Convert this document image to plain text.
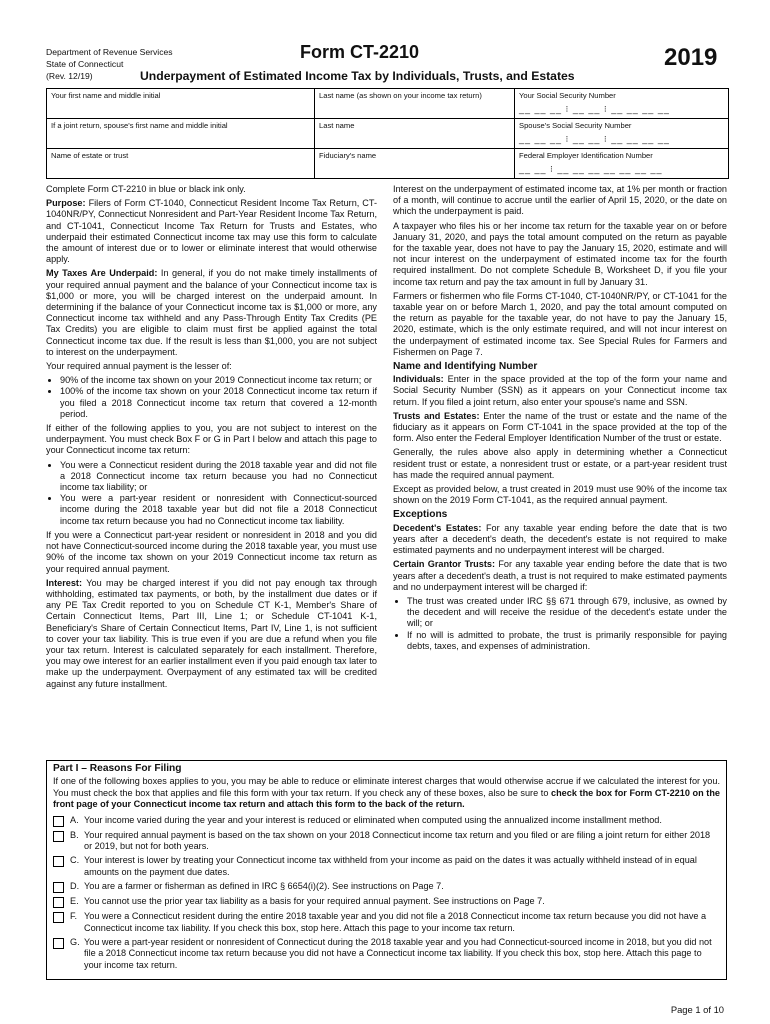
Department of Revenue Services
State of Connecticut
(Rev. 12/19)
Form CT-2210	2019
Underpayment of Estimated Income Tax by Individuals, Trusts, and Estates
Your first name and middle initial	Last name (as shown on your income tax return)	Your Social Security Number
__ __ __ ⁝ __ __ ⁝ __ __ __ __
If a joint return, spouse's first name and middle initial	Last name	Spouse's Social Security Number
__ __ __ ⁝ __ __ ⁝ __ __ __ __
Name of estate or trust	Fiduciary's name	Federal Employer Identification Number
__ __ ⁝ __ __ __ __ __ __ __

Complete Form CT-2210 in blue or black ink only.

Purpose: Filers of Form CT-1040, Connecticut Resident Income Tax Return, CT-1040NR/PY, Connecticut Nonresident and Part-Year Resident Income Tax Return, and CT-1041, Connecticut Income Tax Return for Trusts and Estates, who underpaid their estimated Connecticut income tax may use this form to calculate the amount of interest due or to lower or eliminate interest that would otherwise apply.

My Taxes Are Underpaid: In general, if you do not make timely installments of your required annual payment and the balance of your Connecticut income tax is $1,000 or more, you will be charged interest on the underpaid amount. In determining if the balance of your Connecticut income tax is $1,000 or more, any Connecticut income tax withheld and any Pass-Through Entity Tax Credits (PE Tax Credits) you are eligible to claim must first be applied against the total Connecticut income tax due. If the result is less than $1,000, you are not subject to interest on the underpayment.

Your required annual payment is the lesser of:

• 90% of the income tax shown on your 2019 Connecticut income tax return; or
• 100% of the income tax shown on your 2018 Connecticut income tax return if you filed a 2018 Connecticut income tax return that covered a 12-month period.

If either of the following applies to you, you are not subject to interest on the underpayment. You must check Box F or G in Part I below and attach this page to your Connecticut income tax return:

• You were a Connecticut resident during the 2018 taxable year and did not file a 2018 Connecticut income tax return because you had no Connecticut income tax liability; or
• You were a part-year resident or nonresident with Connecticut-sourced income during the 2018 taxable year but did not file a 2018 Connecticut income tax return because you had no Connecticut income tax liability.

If you were a Connecticut part-year resident or nonresident in 2018 and you did not have Connecticut-sourced income during the 2018 taxable year, you must use 90% of the income tax shown on your 2019 Connecticut income tax return as your required annual payment.

Interest: You may be charged interest if you did not pay enough tax through withholding, estimated tax payments, or both, by the installment due dates or if any PE Tax Credit reported to you on Schedule CT K-1, Member's Share of Certain Connecticut Items, Part III, Line 1; or Schedule CT-1041 K-1, Beneficiary's Share of Certain Connecticut Items, Part IV, Line 1, is not sufficient to cover your tax liability. This is true even if you are due a refund when you file your tax return. Interest is calculated separately for each installment. Therefore, you may owe interest for an earlier installment even if you paid enough tax later to make up the underpayment. Overpayment of any estimated tax will be credited against any future installment.

Interest on the underpayment of estimated income tax, at 1% per month or fraction of a month, will continue to accrue until the earlier of April 15, 2020, or the date on which the underpayment is paid.

A taxpayer who files his or her income tax return for the taxable year on or before January 31, 2020, and pays the total amount computed on the return as payable for the taxable year, does not have to pay the January 15, 2020, estimate and will not incur interest on the underpayment of estimated income tax for the fourth required installment. Do not complete Schedule B, Worksheet D, if you file your income tax return and pay the tax amount in full by January 31.

Farmers or fishermen who file Forms CT-1040, CT-1040NR/PY, or CT-1041 for the taxable year on or before March 1, 2020, and pay the total amount computed on the return as payable for the taxable year, do not have to pay the January 15, 2020, estimate, which is the only estimate required, and will not incur interest on the underpayment of estimated income tax. See Special Rules for Farmers and Fishermen on Page 7.

Name and Identifying Number

Individuals: Enter in the space provided at the top of the form your name and Social Security Number (SSN) as it appears on your Connecticut income tax return. If you filed a joint return, also enter your spouse's name and SSN.

Trusts and Estates: Enter the name of the trust or estate and the name of the fiduciary as it appears on Form CT-1041 in the space provided at the top of the form. Also enter the Federal Employer Identification Number of the trust or estate.

Generally, the rules above also apply in determining whether a Connecticut resident trust or estate, a nonresident trust or estate, or a part-year resident trust has made the required annual payment.

Except as provided below, a trust created in 2019 must use 90% of the income tax shown on the 2019 Form CT-1041, as the required annual payment.

Exceptions

Decedent's Estates: For any taxable year ending before the date that is two years after a decedent's death, the decedent's estate is not required to make estimated payments and no underpayment interest will be charged.

Certain Grantor Trusts: For any taxable year ending before the date that is two years after a decedent's death, a trust is not required to make estimated payments and no underpayment interest will be charged if:

• The trust was created under IRC §§ 671 through 679, inclusive, as owned by the decedent and will receive the residue of the decedent's estate under the will; or
• If no will is admitted to probate, the trust is primarily responsible for paying debts, taxes, and expenses of administration.
Part I – Reasons For Filing

If one of the following boxes applies to you, you may be able to reduce or eliminate interest charges that would otherwise accrue if we calculated the interest for you. You must check the box that applies and file this form with your tax return. If you check any of these boxes, also be sure to check the box for Form CT-2210 on the front page of your Connecticut income tax return and attach this form to the back of the return.

A. Your income varied during the year and your interest is reduced or eliminated when computed using the annualized income installment method.
B. Your required annual payment is based on the tax shown on your 2018 Connecticut income tax return and you filed or are filing a joint return for either 2018 or 2019, but not for both years.
C. Your interest is lower by treating your Connecticut income tax withheld from your income as paid on the dates it was actually withheld instead of in equal amounts on the payment due dates.
D. You are a farmer or fisherman as defined in IRC § 6654(i)(2). See instructions on Page 7.
E. You cannot use the prior year tax liability as a basis for your required annual payment. See instructions on Page 7.
F. You were a Connecticut resident during the entire 2018 taxable year and you did not file a 2018 Connecticut income tax return because you did not have a Connecticut income tax liability. If you check this box, stop here. Attach this page to your income tax return.
G. You were a part-year resident or nonresident of Connecticut during the 2018 taxable year and you had Connecticut-sourced income in 2018, but you did not file a 2018 Connecticut income tax return because you did not have a Connecticut income tax liability. If you check this box, stop here. Attach this page to your income tax return.
Page 1 of 10
